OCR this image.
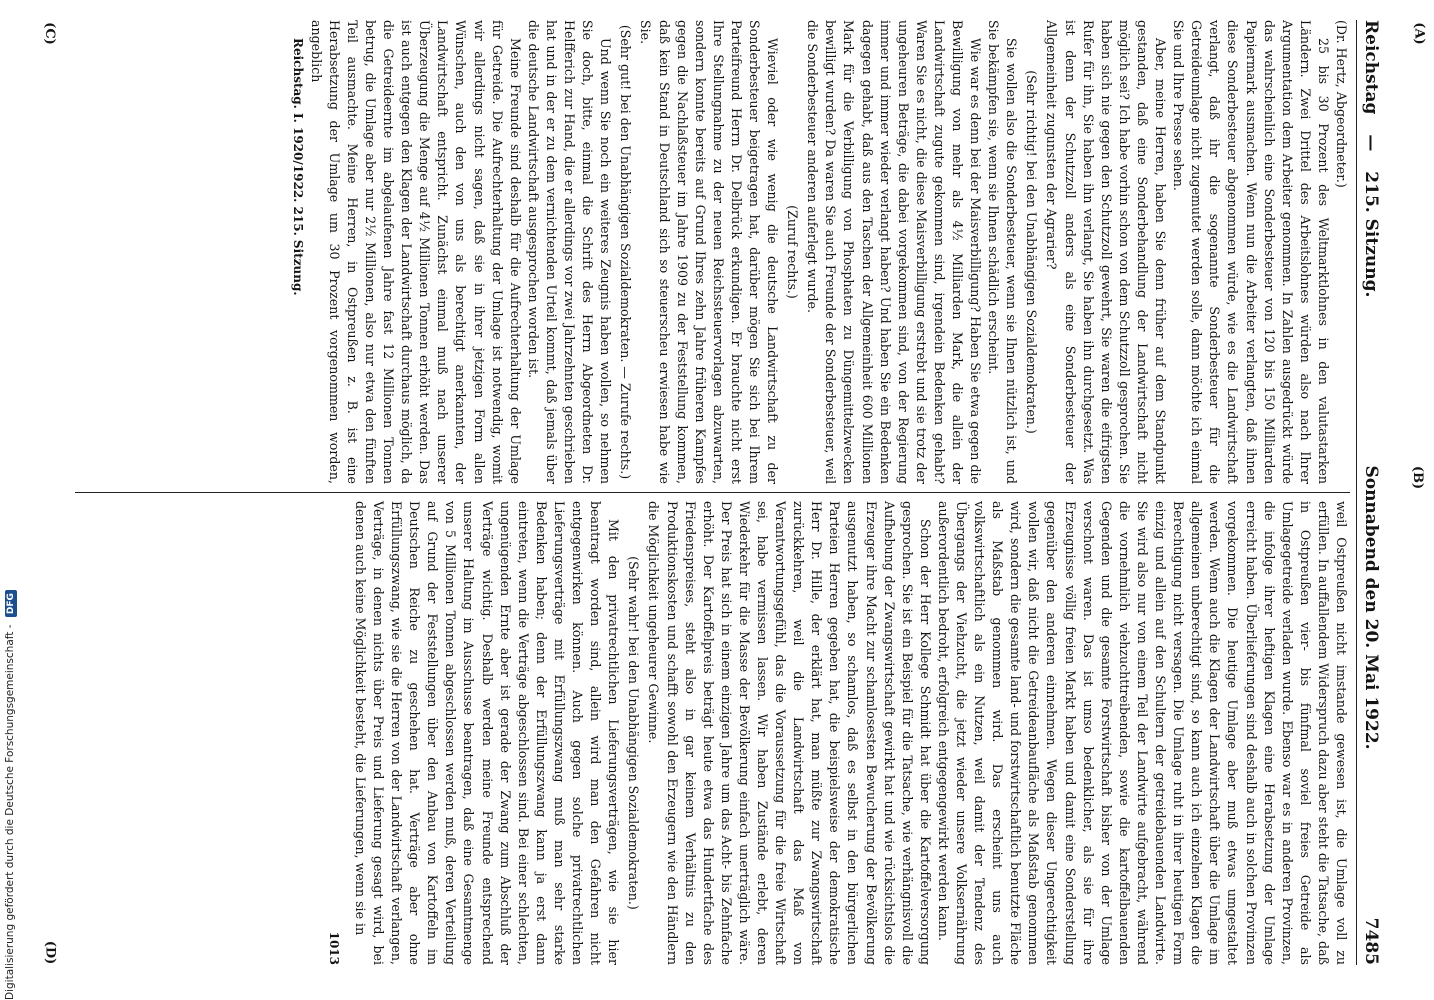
Reichstag — 215. Sitzung.
Sonnabend den 20. Mai 1922.
7485

(Dr. Hertz, Abgeordneter.)

25 bis 30 Prozent des Weltmarktlohnes in den valutastarken Ländern. Zwei Drittel des Arbeitslohnes würden also nach Ihrer Argumentation dem Arbeiter genommen. In Zahlen ausgedrückt würde das wahrscheinlich eine Sonderbesteuer von 120 bis 150 Milliarden Papiermark ausmachen. Wenn nun die Arbeiter verlangten, daß ihnen diese Sonderbesteuer abgenommen würde, wie es die Landwirtschaft verlangt, daß ihr die sogenannte Sonderbesteuer für die Getreideumlage nicht zugemutet werden solle, dann möchte ich einmal Sie und Ihre Presse sehen.

Aber, meine Herren, haben Sie denn früher auf dem Standpunkt gestanden, daß eine Sonderbehandlung der Landwirtschaft nicht möglich sei? Ich habe vorhin schon von dem Schutzzoll gesprochen. Sie haben sich nie gegen den Schutzzoll gewehrt, Sie waren die eifrigsten Rufer für ihn, Sie haben ihn verlangt, Sie haben ihn durchgesetzt. Was ist denn der Schutzzoll anders als eine Sonderbesteuer der Allgemeinheit zugunsten der Agrarier?

(Sehr richtig! bei den Unabhängigen Sozialdemokraten.)

Sie wollen also die Sonderbesteuer, wenn sie Ihnen nützlich ist, und Sie bekämpfen sie, wenn sie Ihnen schädlich erscheint.

Wie war es denn bei der Maisverbilligung? Haben Sie etwa gegen die Bewilligung von mehr als 4½ Milliarden Mark, die allein der Landwirtschaft zugute gekommen sind, irgendein Bedenken gehabt? Waren Sie es nicht, die diese Maisverbilligung erstrebt und sie trotz der ungeheuren Beträge, die dabei vorgekommen sind, von der Regierung immer und immer wieder verlangt haben? Und haben Sie ein Bedenken dagegen gehabt, daß aus den Taschen der Allgemeinheit 600 Millionen Mark für die Verbilligung von Phosphaten zu Düngemittelzwecken bewilligt wurden? Da waren Sie auch Freunde der Sonderbesteuer, weil die Sonderbesteuer anderen auferlegt wurde.

(Zuruf rechts.)

Wieviel oder wie wenig die deutsche Landwirtschaft zu der Sonderbesteuer beigetragen hat, darüber mögen Sie sich bei Ihrem Parteifreund Herrn Dr. Delbrück erkundigen. Er brauchte nicht erst Ihre Stellungnahme zu der neuen Reichssteuervorlagen abzuwarten, sondern konnte bereits auf Grund Ihres zehn Jahre früheren Kampfes gegen die Nachlaßsteuer im Jahre 1909 zu der Feststellung kommen, daß kein Stand in Deutschland sich so steuerscheu erwiesen habe wie Sie.

(Sehr gut! bei den Unabhängigen Sozialdemokraten. — Zurufe rechts.)

Und wenn Sie noch ein weiteres Zeugnis haben wollen, so nehmen Sie doch, bitte, einmal die Schrift des Herrn Abgeordneten Dr. Helfferich zur Hand, die er allerdings vor zwei Jahrzehnten geschrieben hat und in der er zu dem vernichtenden Urteil kommt, daß jemals über die deutsche Landwirtschaft ausgesprochen worden ist.

Meine Freunde sind deshalb für die Aufrechterhaltung der Umlage für Getreide. Die Aufrechterhaltung der Umlage ist notwendig, womit wir allerdings nicht sagen, daß sie in ihrer jetzigen Form allen Wünschen, auch den von uns als berechtigt anerkannten, der Landwirtschaft entspricht. Zunächst einmal muß nach unserer Überzeugung die Menge auf 4½ Millionen Tonnen erhöht werden. Das ist auch entgegen den Klagen der Landwirtschaft durchaus möglich, da die Getreideernte im abgelaufenen Jahre fast 12 Millionen Tonnen betrug, die Umlage aber nur 2½ Millionen, also nur etwa den fünften Teil ausmachte. Meine Herren, in Ostpreußen z. B. ist eine Herabsetzung der Umlage um 30 Prozent vorgenommen worden, angeblich

Reichstag. I. 1920/1922. 215. Sitzung.

weil Ostpreußen nicht imstande gewesen ist, die Umlage voll zu erfüllen. In auffallendem Widerspruch dazu aber steht die Tatsache, daß in Ostpreußen vier- bis fünfmal soviel freies Getreide als Umlagegetreide verladen wurde. Ebenso war es in anderen Provinzen, die infolge ihrer heftigen Klagen eine Herabsetzung der Umlage erreicht haben. Überlieferungen sind deshalb auch in solchen Provinzen vorgekommen. Die heutige Umlage aber muß etwas umgestaltet werden. Wenn auch die Klagen der Landwirtschaft über die Umlage im allgemeinen unberechtigt sind, so kann auch ich einzelnen Klagen die Berechtigung nicht versagen. Die Umlage ruht in ihrer heutigen Form einzig und allein auf den Schultern der getreidebauenden Landwirte. Sie wird also nur von einem Teil der Landwirte aufgebracht, während die vornehmlich viehzuchttreibenden, sowie die kartoffelbauenden Gegenden und die gesamte Forstwirtschaft bisher von der Umlage verschont waren. Das ist umso bedenklicher, als sie für ihre Erzeugnisse völlig freien Markt haben und damit eine Sonderstellung gegenüber den anderen einnehmen. Wegen dieser Ungerechtigkeit wollen wir, daß nicht die Getreideanbaufläche als Maßstab genommen wird, sondern die gesamte land- und forstwirtschaftlich benutzte Fläche als Maßstab genommen wird. Das erscheint uns auch volkswirtschaftlich als ein Nutzen, weil damit der Tendenz des Übergangs der Viehzucht, die jetzt wieder unsere Volksernährung außerordentlich bedroht, erfolgreich entgegengewirkt werden kann.

Schon der Herr Kollege Schmidt hat über die Kartoffelversorgung gesprochen. Sie ist ein Beispiel für die Tatsache, wie verhängnisvoll die Aufhebung der Zwangswirtschaft gewirkt hat und wie rücksichtslos die Erzeuger ihre Macht zur schamlosesten Bewucherung der Bevölkerung ausgenutzt haben, so schamlos, daß es selbst in den bürgerlichen Parteien Herren gegeben hat, die beispielsweise der demokratische Herr Dr. Hille, der erklärt hat, man müßte zur Zwangswirtschaft zurückkehren, weil die Landwirtschaft das Maß von Verantwortungsgefühl, das die Voraussetzung für die freie Wirtschaft sei, habe vermissen lassen. Wir haben Zustände erlebt, deren Wiederkehr für die Masse der Bevölkerung einfach unerträglich wäre. Der Preis hat sich in einem einzigen Jahre um das Acht- bis Zehnfache erhöht. Der Kartoffelpreis beträgt heute etwa das Hundertfache des Friedenspreises, steht also in gar keinem Verhältnis zu den Produktionskosten und schafft sowohl den Erzeugern wie den Händlern die Möglichkeit ungeheurer Gewinne.

(Sehr wahr! bei den Unabhängigen Sozialdemokraten.)

Mit den privatrechtlichen Lieferungsverträgen, wie sie hier beantragt worden sind, allein wird man den Gefahren nicht entgegenwirken können. Auch gegen solche privatrechtlichen Lieferungsverträge mit Erfüllungszwang muß man sehr starke Bedenken haben; denn der Erfüllungszwang kann ja erst dann eintreten, wenn die Verträge abgeschlossen sind. Bei einer schlechten, ungenügenden Ernte aber ist gerade der Zwang zum Abschluß der Verträge wichtig. Deshalb werden meine Freunde entsprechend unserer Haltung im Ausschusse beantragen, daß eine Gesamtmenge von 5 Millionen Tonnen abgeschlossen werden muß, deren Verteilung auf Grund der Feststellungen über den Anbau von Kartoffeln im Deutschen Reiche zu geschehen hat. Verträge aber ohne Erfüllungszwang, wie sie die Herren von der Landwirtschaft verlangen, Verträge, in denen nichts über Preis und Lieferung gesagt wird, bei denen auch keine Möglichkeit besteht, die Lieferungen, wenn sie in

1013
(A)
(B)
(C)
(D)
Digitalisierung gefördert durch die Deutsche Forschungsgemeinschaft - DFG
